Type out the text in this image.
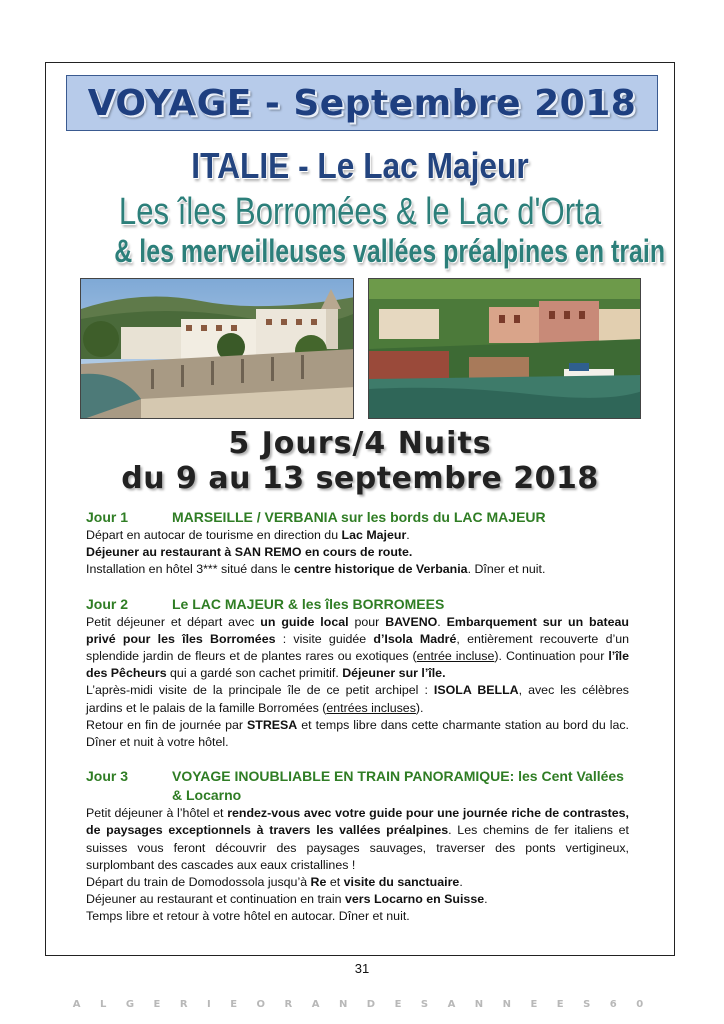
VOYAGE - Septembre 2018
ITALIE - Le Lac Majeur
Les îles Borromées & le Lac d'Orta
& les merveilleuses vallées préalpines en train
5 Jours/4 Nuits
du 9 au 13 septembre 2018
Jour 1	MARSEILLE / VERBANIA sur les bords du LAC MAJEUR

Départ en autocar de tourisme en direction du Lac Majeur.
Déjeuner au restaurant à SAN REMO en cours de route.
Installation en hôtel 3*** situé dans le centre historique de Verbania. Dîner et nuit.

Jour 2	Le LAC MAJEUR & les îles BORROMEES

Petit déjeuner et départ avec un guide local pour BAVENO. Embarquement sur un bateau privé pour les îles Borromées : visite guidée d’Isola Madré, entièrement recouverte d’un splendide jardin de fleurs et de plantes rares ou exotiques (entrée incluse). Continuation pour l’île des Pêcheurs qui a gardé son cachet primitif. Déjeuner sur l’île.
L’après-midi visite de la principale île de ce petit archipel : ISOLA BELLA, avec les célèbres jardins et le palais de la famille Borromées (entrées incluses).
Retour en fin de journée par STRESA et temps libre dans cette charmante station au bord du lac. Dîner et nuit à votre hôtel.

Jour 3	VOYAGE INOUBLIABLE EN TRAIN PANORAMIQUE: les Cent Vallées & Locarno

Petit déjeuner à l’hôtel et rendez-vous avec votre guide pour une journée riche de contrastes, de paysages exceptionnels à travers les vallées préalpines. Les chemins de fer italiens et suisses vous feront découvrir des paysages sauvages, traverser des ponts vertigineux, surplombant des cascades aux eaux cristallines !
Départ du train de Domodossola jusqu’à Re et visite du sanctuaire.
Déjeuner au restaurant et continuation en train vers Locarno en Suisse.
Temps libre et retour à votre hôtel en autocar. Dîner et nuit.

31
A L G E R I E O R A N D E S A N N E E S 6 0
